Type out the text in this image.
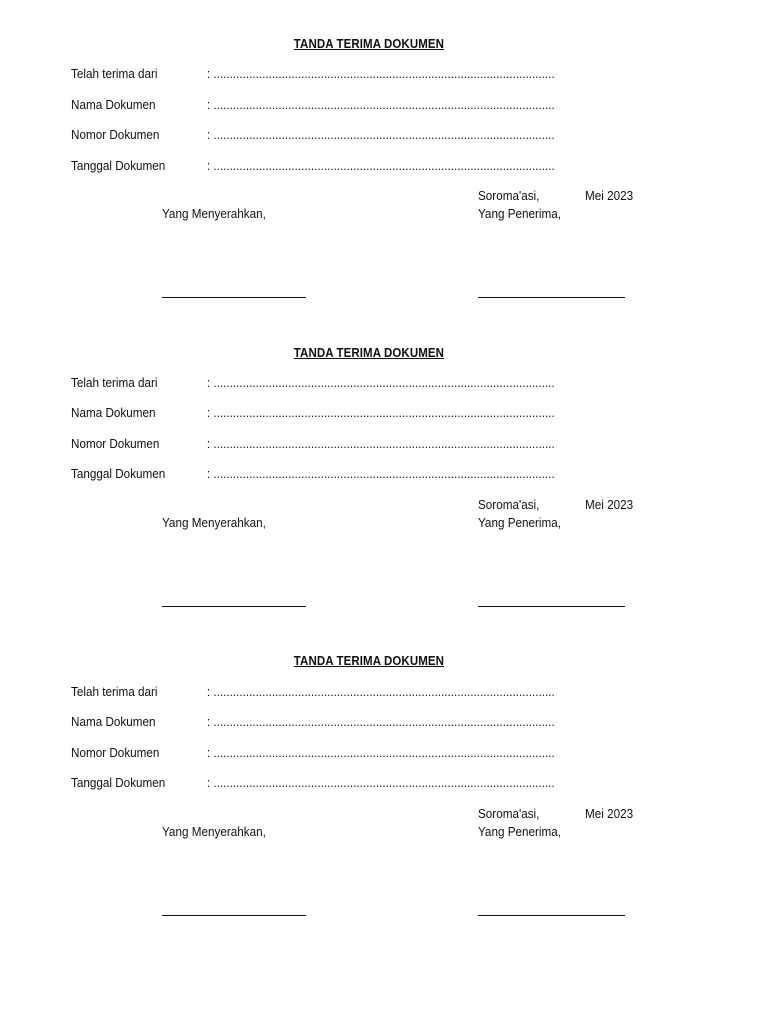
TANDA TERIMA DOKUMEN
Telah terima dari	: .........................................................................................................
Nama Dokumen	: .........................................................................................................
Nomor Dokumen	: .........................................................................................................
Tanggal Dokumen	: .........................................................................................................
Soroma'asi,	Mei 2023
Yang Menyerahkan,	Yang Penerima,
TANDA TERIMA DOKUMEN
Telah terima dari	: .........................................................................................................
Nama Dokumen	: .........................................................................................................
Nomor Dokumen	: .........................................................................................................
Tanggal Dokumen	: .........................................................................................................
Soroma'asi,	Mei 2023
Yang Menyerahkan,	Yang Penerima,
TANDA TERIMA DOKUMEN
Telah terima dari	: .........................................................................................................
Nama Dokumen	: .........................................................................................................
Nomor Dokumen	: .........................................................................................................
Tanggal Dokumen	: .........................................................................................................
Soroma'asi,	Mei 2023
Yang Menyerahkan,	Yang Penerima,
